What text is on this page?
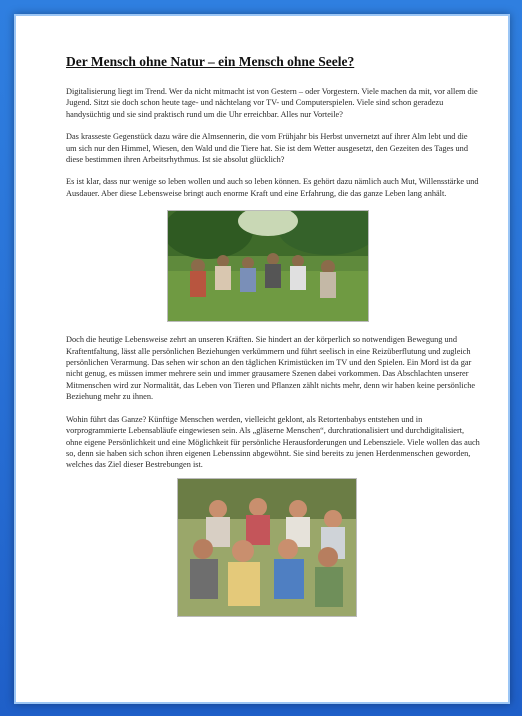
Der Mensch ohne Natur – ein Mensch ohne Seele?

Digitalisierung liegt im Trend. Wer da nicht mitmacht ist von Gestern – oder Vorgestern. Viele machen da mit, vor allem die Jugend. Sitzt sie doch schon heute tage- und nächtelang vor TV- und Computerspielen. Viele sind schon geradezu handysüchtig und sie sind praktisch rund um die Uhr erreichbar. Alles nur Vorteile?

Das krasseste Gegenstück dazu wäre die Almsennerin, die vom Frühjahr bis Herbst unvernetzt auf ihrer Alm lebt und die um sich nur den Himmel, Wiesen, den Wald und die Tiere hat. Sie ist dem Wetter ausgesetzt, den Gezeiten des Tages und diese bestimmen ihren Arbeitsrhythmus. Ist sie absolut glücklich?

Es ist klar, dass nur wenige so leben wollen und auch so leben können. Es gehört dazu nämlich auch Mut, Willensstärke und Ausdauer. Aber diese Lebensweise bringt auch enorme Kraft und eine Erfahrung, die das ganze Leben lang anhält.

Doch die heutige Lebensweise zehrt an unseren Kräften. Sie hindert an der körperlich so notwendigen Bewegung und Kraftentfaltung, lässt alle persönlichen Beziehungen verkümmern und führt seelisch in eine Reizüberflutung und zugleich persönlichen Verarmung. Das sehen wir schon an den täglichen Krimistücken im TV und den Spielen. Ein Mord ist da gar nicht genug, es müssen immer mehrere sein und immer grausamere Szenen dabei vorkommen. Das Abschlachten unserer Mitmenschen wird zur Normalität, das Leben von Tieren und Pflanzen zählt nichts mehr, denn wir haben keine persönliche Beziehung mehr zu ihnen.

Wohin führt das Ganze? Künftige Menschen werden, vielleicht geklont, als Retortenbabys entstehen und in vorprogrammierte Lebensabläufe eingewiesen sein. Als „gläserne Menschen“, durchrationalisiert und durchdigitalisiert, ohne eigene Persönlichkeit und eine Möglichkeit für persönliche Herausforderungen und Lebensziele. Viele wollen das auch so, denn sie haben sich schon ihren eigenen Lebenssinn abgewöhnt. Sie sind bereits zu jenen Herdenmenschen geworden, welches das Ziel dieser Bestrebungen ist.
